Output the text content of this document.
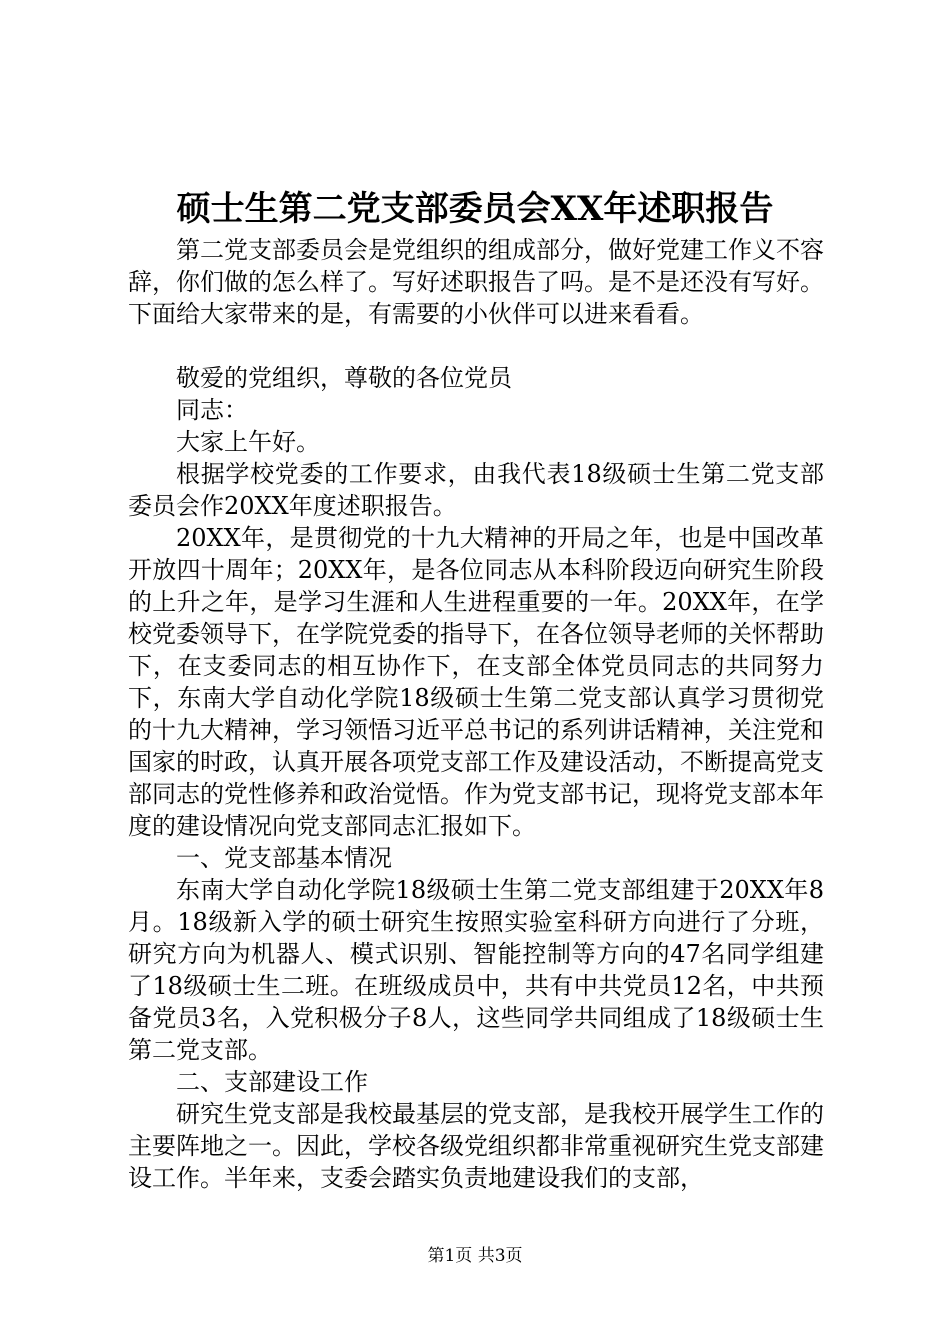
硕士生第二党支部委员会XX年述职报告

第二党支部委员会是党组织的组成部分，做好党建工作义不容辞，你们做的怎么样了。写好述职报告了吗。是不是还没有写好。下面给大家带来的是，有需要的小伙伴可以进来看看。

敬爱的党组织，尊敬的各位党员

同志：

大家上午好。

根据学校党委的工作要求，由我代表18级硕士生第二党支部委员会作20XX年度述职报告。

20XX年，是贯彻党的十九大精神的开局之年，也是中国改革开放四十周年；20XX年，是各位同志从本科阶段迈向研究生阶段的上升之年，是学习生涯和人生进程重要的一年。20XX年，在学校党委领导下，在学院党委的指导下，在各位领导老师的关怀帮助下，在支委同志的相互协作下，在支部全体党员同志的共同努力下，东南大学自动化学院18级硕士生第二党支部认真学习贯彻党的十九大精神，学习领悟习近平总书记的系列讲话精神，关注党和国家的时政，认真开展各项党支部工作及建设活动，不断提高党支部同志的党性修养和政治觉悟。作为党支部书记，现将党支部本年度的建设情况向党支部同志汇报如下。

一、党支部基本情况

东南大学自动化学院18级硕士生第二党支部组建于20XX年8月。18级新入学的硕士研究生按照实验室科研方向进行了分班，研究方向为机器人、模式识别、智能控制等方向的47名同学组建了18级硕士生二班。在班级成员中，共有中共党员12名，中共预备党员3名，入党积极分子8人，这些同学共同组成了18级硕士生第二党支部。

二、支部建设工作

研究生党支部是我校最基层的党支部，是我校开展学生工作的主要阵地之一。因此，学校各级党组织都非常重视研究生党支部建设工作。半年来，支委会踏实负责地建设我们的支部，

第1页 共3页
